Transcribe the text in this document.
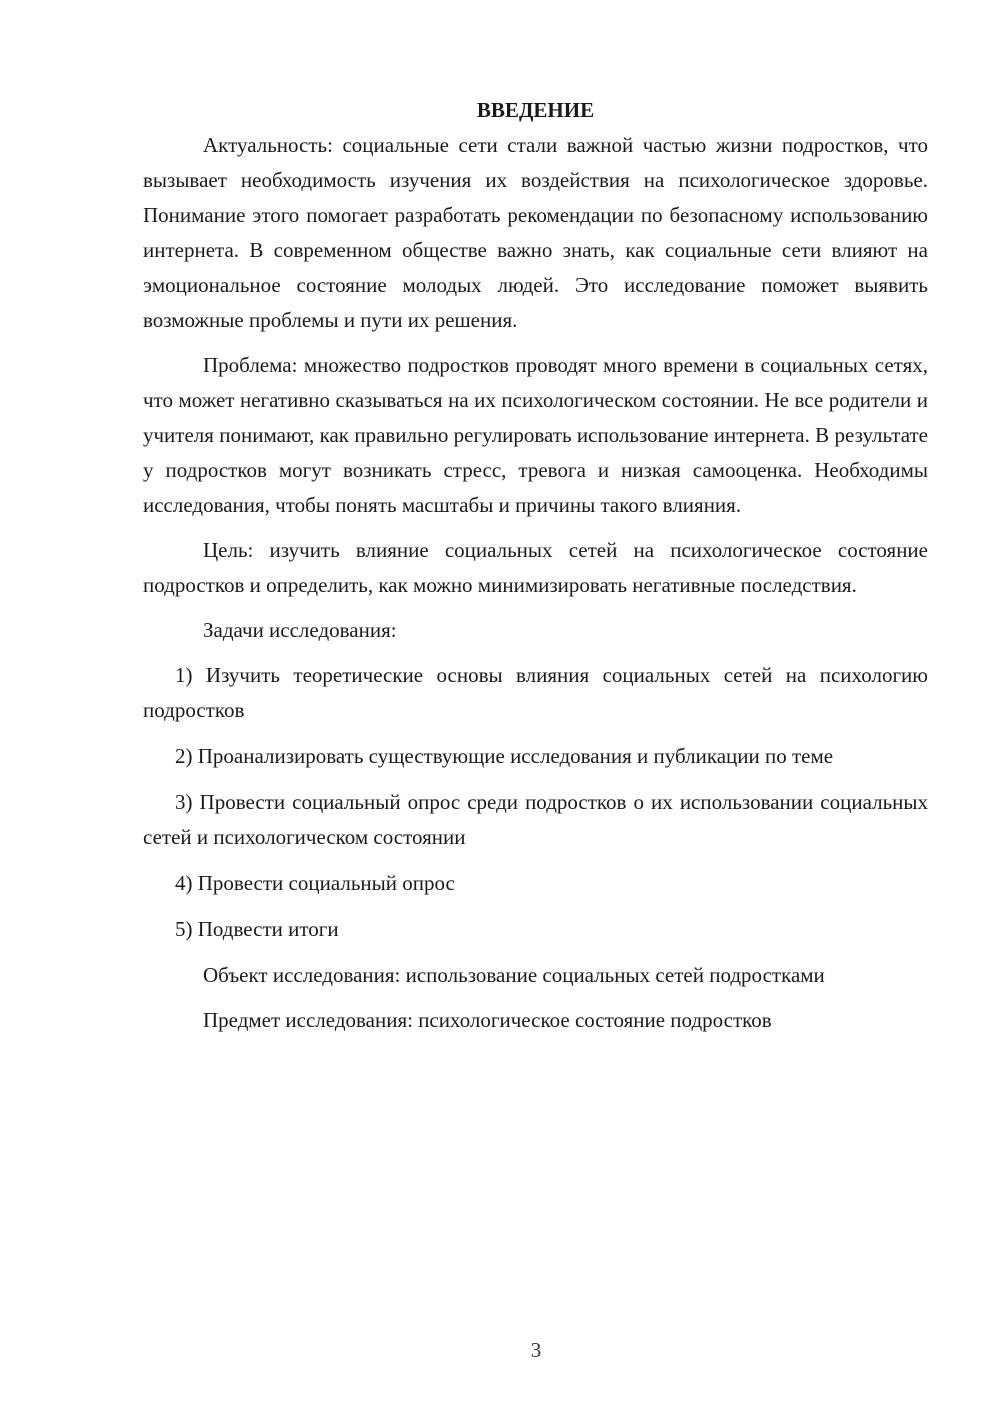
ВВЕДЕНИЕ

Актуальность: социальные сети стали важной частью жизни подростков, что вызывает необходимость изучения их воздействия на психологическое здоровье. Понимание этого помогает разработать рекомендации по безопасному использованию интернета. В современном обществе важно знать, как социальные сети влияют на эмоциональное состояние молодых людей. Это исследование поможет выявить возможные проблемы и пути их решения.

Проблема: множество подростков проводят много времени в социальных сетях, что может негативно сказываться на их психологическом состоянии. Не все родители и учителя понимают, как правильно регулировать использование интернета. В результате у подростков могут возникать стресс, тревога и низкая самооценка. Необходимы исследования, чтобы понять масштабы и причины такого влияния.

Цель: изучить влияние социальных сетей на психологическое состояние подростков и определить, как можно минимизировать негативные последствия.

Задачи исследования:

1) Изучить теоретические основы влияния социальных сетей на психологию подростков

2) Проанализировать существующие исследования и публикации по теме

3) Провести социальный опрос среди подростков о их использовании социальных сетей и психологическом состоянии

4) Провести социальный опрос

5) Подвести итоги

Объект исследования: использование социальных сетей подростками

Предмет исследования: психологическое состояние подростков

3
